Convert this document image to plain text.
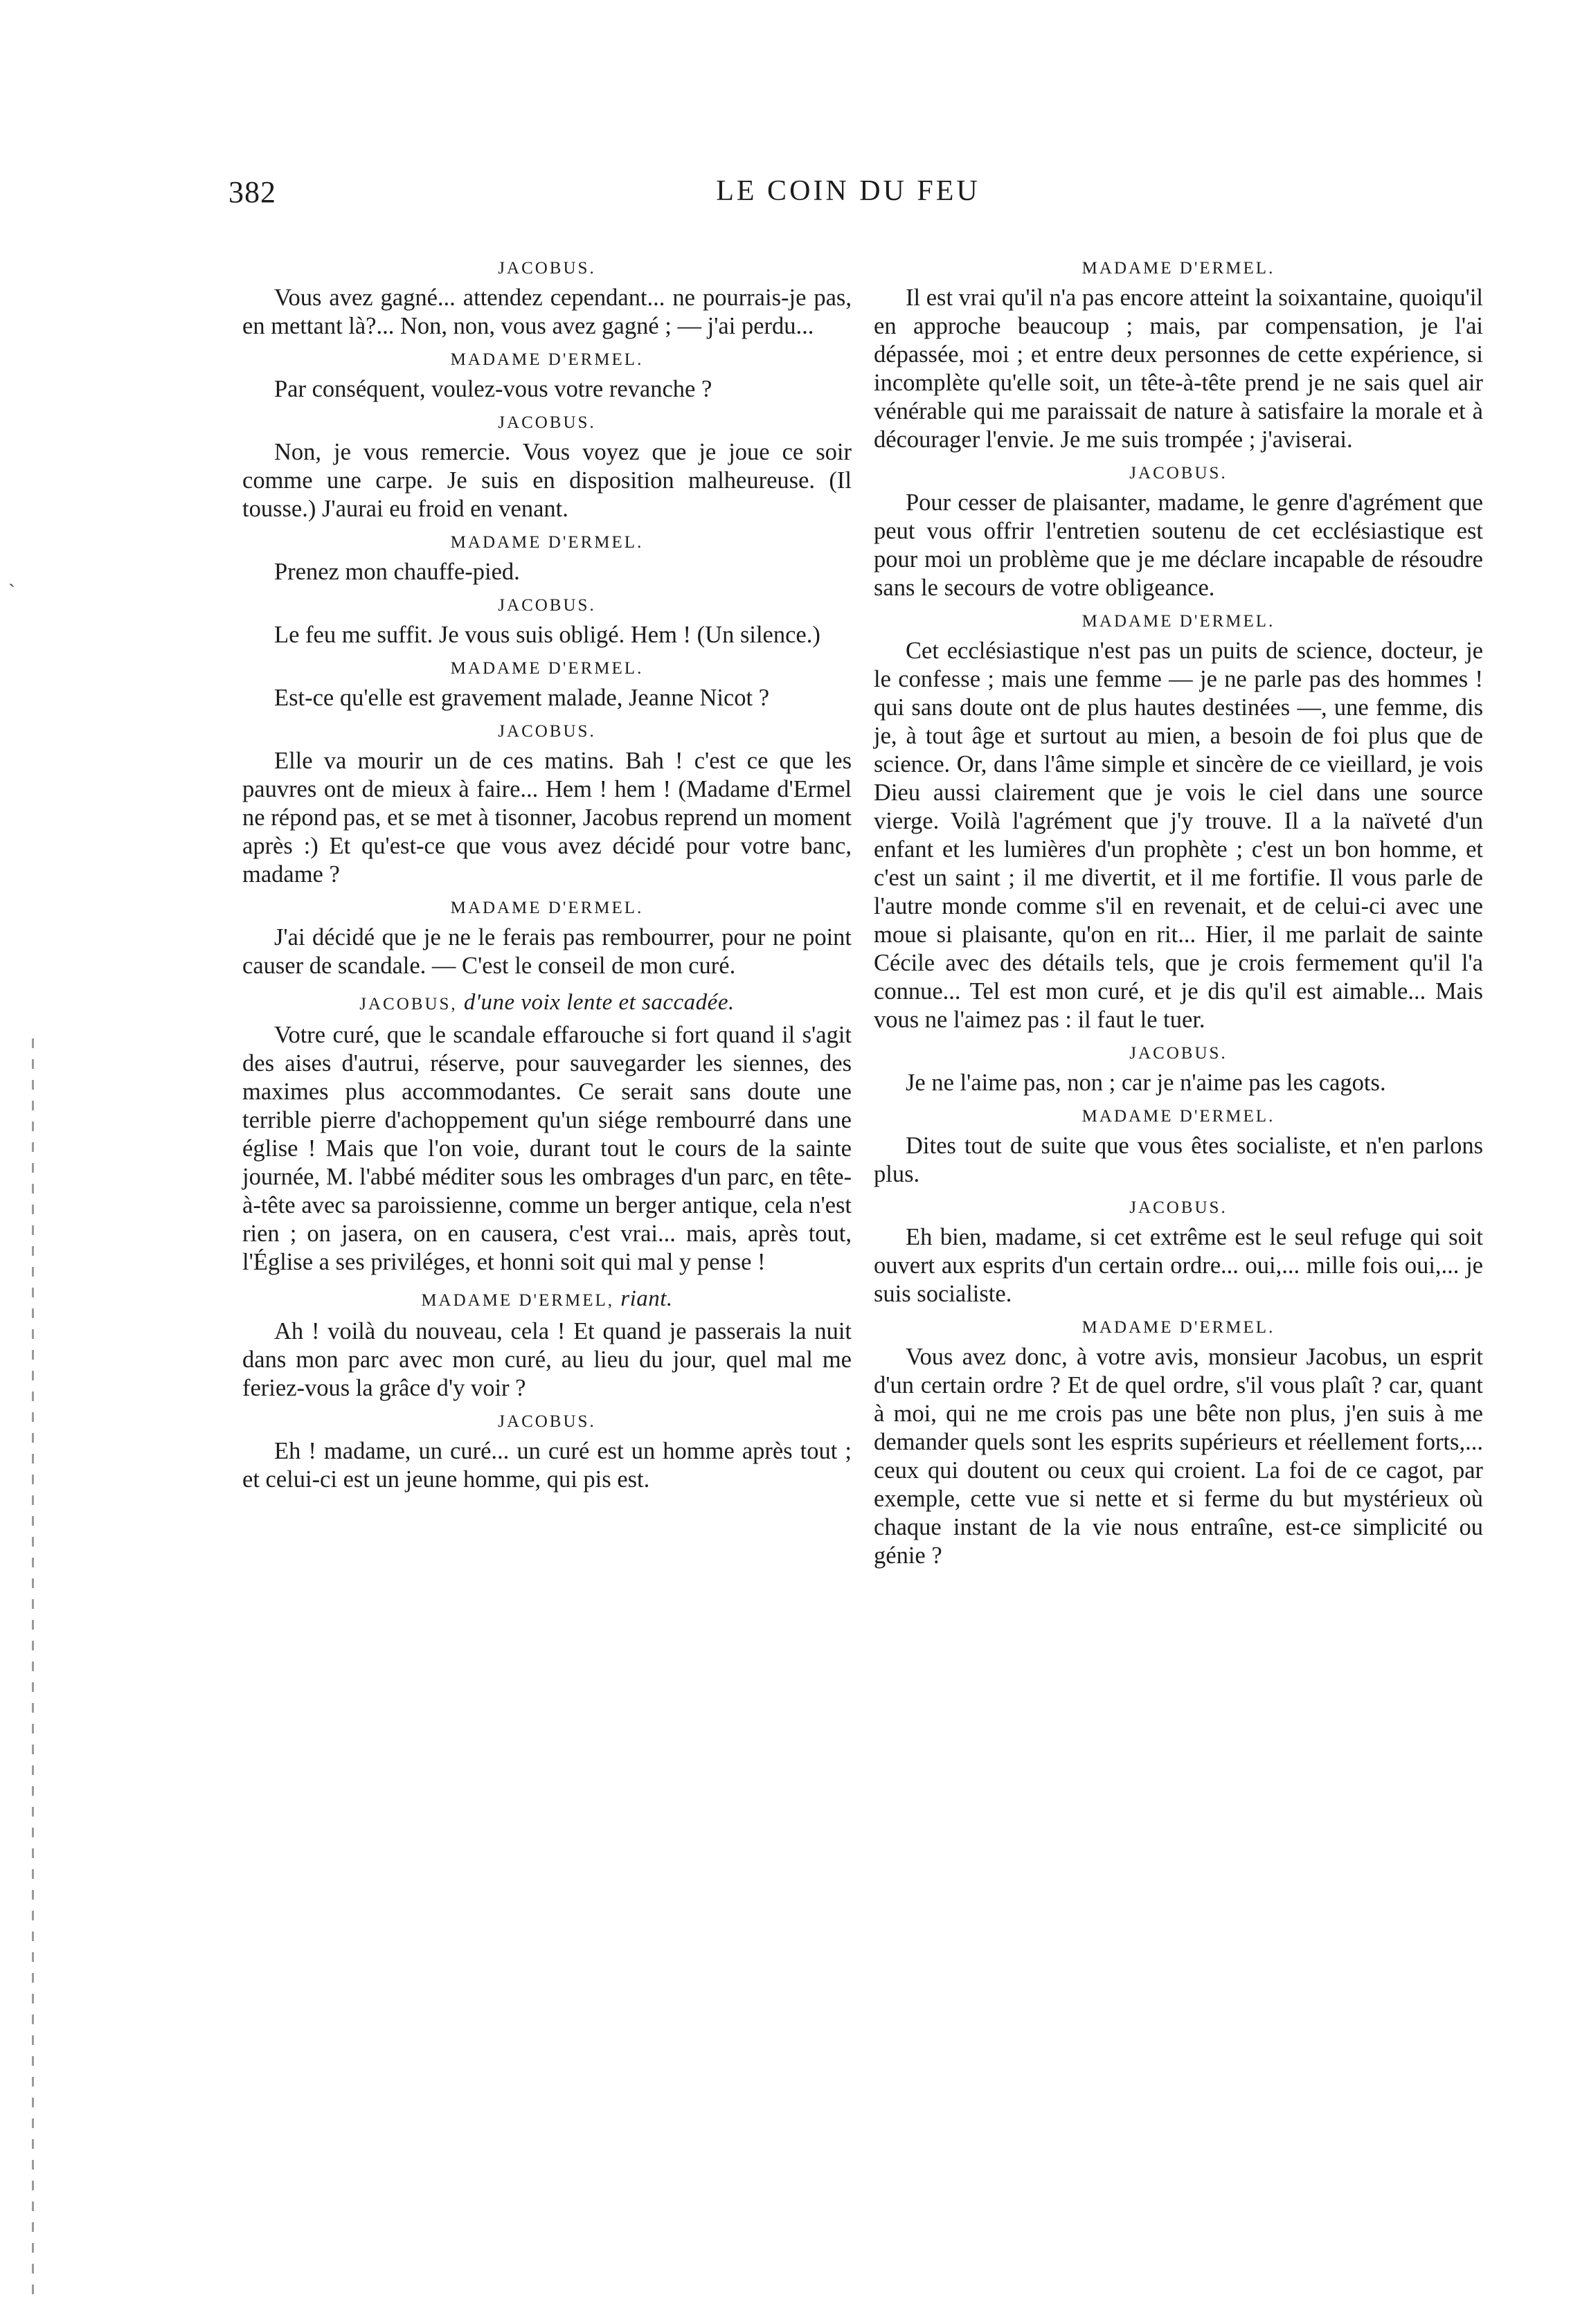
`
382	LE COIN DU FEU
JACOBUS.

Vous avez gagné... attendez cependant... ne pourrais-je pas, en mettant là?... Non, non, vous avez gagné ; — j'ai perdu...

MADAME D'ERMEL.

Par conséquent, voulez-vous votre revanche ?

JACOBUS.

Non, je vous remercie. Vous voyez que je joue ce soir comme une carpe. Je suis en disposition malheureuse. (Il tousse.) J'aurai eu froid en venant.

MADAME D'ERMEL.

Prenez mon chauffe-pied.

JACOBUS.

Le feu me suffit. Je vous suis obligé. Hem ! (Un silence.)

MADAME D'ERMEL.

Est-ce qu'elle est gravement malade, Jeanne Nicot ?

JACOBUS.

Elle va mourir un de ces matins. Bah ! c'est ce que les pauvres ont de mieux à faire... Hem ! hem ! (Madame d'Ermel ne répond pas, et se met à tisonner, Jacobus reprend un moment après :) Et qu'est-ce que vous avez décidé pour votre banc, madame ?

MADAME D'ERMEL.

J'ai décidé que je ne le ferais pas rembourrer, pour ne point causer de scandale. — C'est le conseil de mon curé.

JACOBUS, d'une voix lente et saccadée.

Votre curé, que le scandale effarouche si fort quand il s'agit des aises d'autrui, réserve, pour sauvegarder les siennes, des maximes plus accommodantes. Ce serait sans doute une terrible pierre d'achoppement qu'un siége rembourré dans une église ! Mais que l'on voie, durant tout le cours de la sainte journée, M. l'abbé méditer sous les ombrages d'un parc, en tête-à-tête avec sa paroissienne, comme un berger antique, cela n'est rien ; on jasera, on en causera, c'est vrai... mais, après tout, l'Église a ses priviléges, et honni soit qui mal y pense !

MADAME D'ERMEL, riant.

Ah ! voilà du nouveau, cela ! Et quand je passerais la nuit dans mon parc avec mon curé, au lieu du jour, quel mal me feriez-vous la grâce d'y voir ?

JACOBUS.

Eh ! madame, un curé... un curé est un homme après tout ; et celui-ci est un jeune homme, qui pis est.

MADAME D'ERMEL.

Il est vrai qu'il n'a pas encore atteint la soixantaine, quoiqu'il en approche beaucoup ; mais, par compensation, je l'ai dépassée, moi ; et entre deux personnes de cette expérience, si incomplète qu'elle soit, un tête-à-tête prend je ne sais quel air vénérable qui me paraissait de nature à satisfaire la morale et à décourager l'envie. Je me suis trompée ; j'aviserai.

JACOBUS.

Pour cesser de plaisanter, madame, le genre d'agrément que peut vous offrir l'entretien soutenu de cet ecclésiastique est pour moi un problème que je me déclare incapable de résoudre sans le secours de votre obligeance.

MADAME D'ERMEL.

Cet ecclésiastique n'est pas un puits de science, docteur, je le confesse ; mais une femme — je ne parle pas des hommes ! qui sans doute ont de plus hautes destinées —, une femme, dis je, à tout âge et surtout au mien, a besoin de foi plus que de science. Or, dans l'âme simple et sincère de ce vieillard, je vois Dieu aussi clairement que je vois le ciel dans une source vierge. Voilà l'agrément que j'y trouve. Il a la naïveté d'un enfant et les lumières d'un prophète ; c'est un bon homme, et c'est un saint ; il me divertit, et il me fortifie. Il vous parle de l'autre monde comme s'il en revenait, et de celui-ci avec une moue si plaisante, qu'on en rit... Hier, il me parlait de sainte Cécile avec des détails tels, que je crois fermement qu'il l'a connue... Tel est mon curé, et je dis qu'il est aimable... Mais vous ne l'aimez pas : il faut le tuer.

JACOBUS.

Je ne l'aime pas, non ; car je n'aime pas les cagots.

MADAME D'ERMEL.

Dites tout de suite que vous êtes socialiste, et n'en parlons plus.

JACOBUS.

Eh bien, madame, si cet extrême est le seul refuge qui soit ouvert aux esprits d'un certain ordre... oui,... mille fois oui,... je suis socialiste.

MADAME D'ERMEL.

Vous avez donc, à votre avis, monsieur Jacobus, un esprit d'un certain ordre ? Et de quel ordre, s'il vous plaît ? car, quant à moi, qui ne me crois pas une bête non plus, j'en suis à me demander quels sont les esprits supérieurs et réellement forts,... ceux qui doutent ou ceux qui croient. La foi de ce cagot, par exemple, cette vue si nette et si ferme du but mystérieux où chaque instant de la vie nous entraîne, est-ce simplicité ou génie ?
